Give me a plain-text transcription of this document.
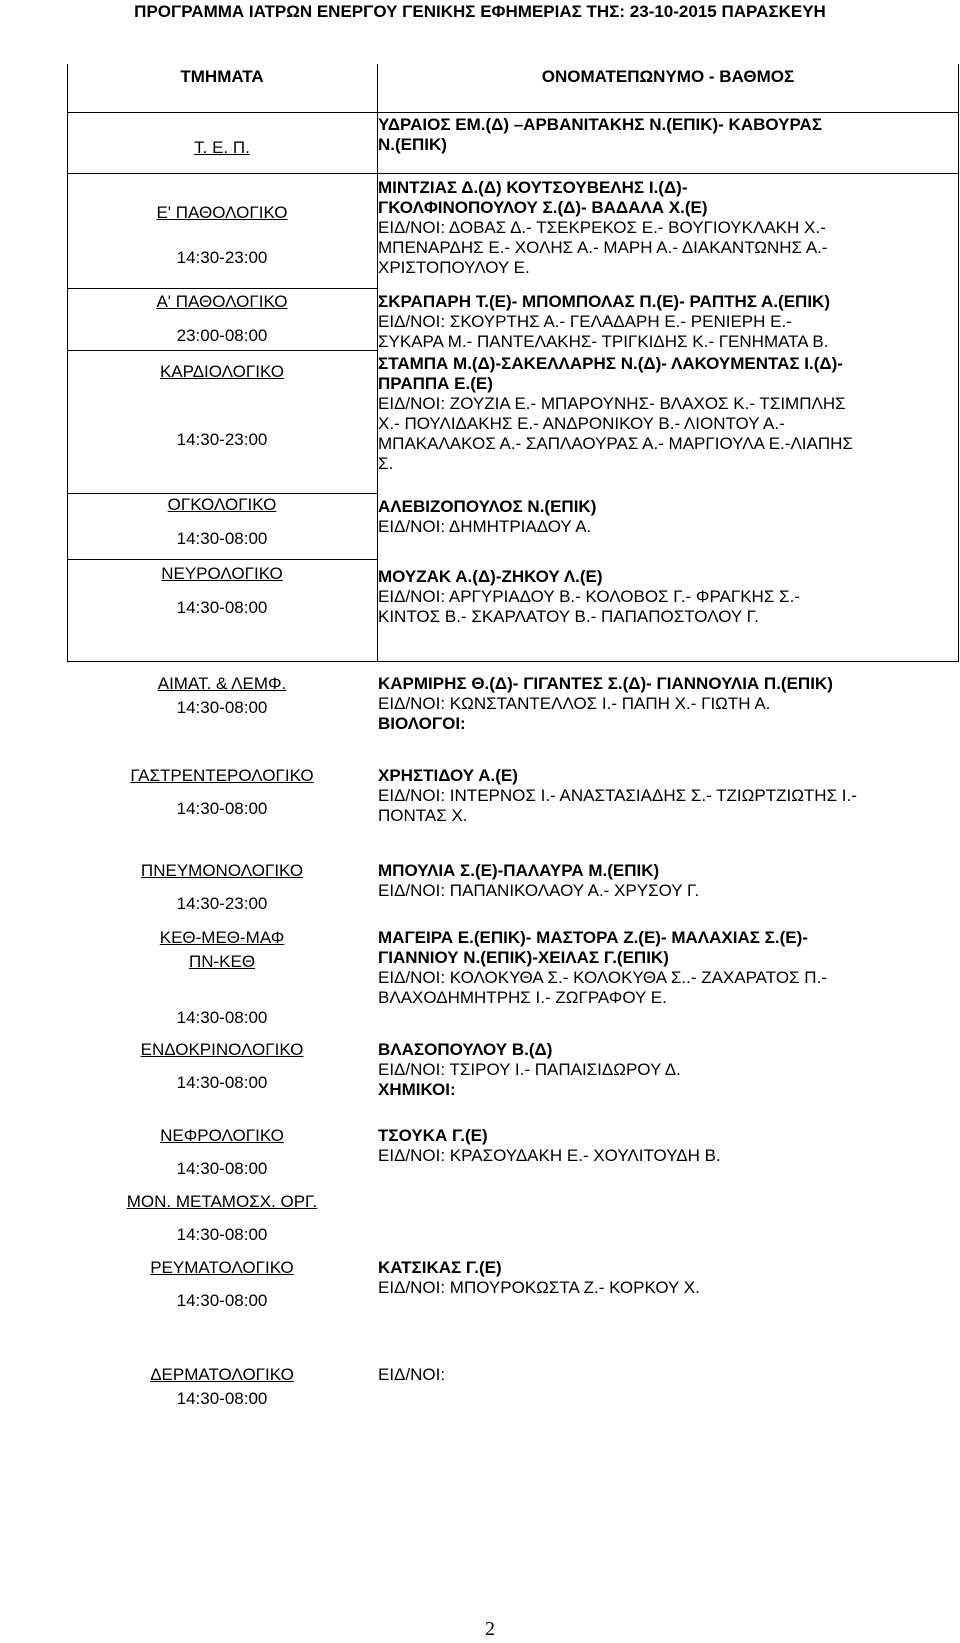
ΠΡΟΓΡΑΜΜΑ ΙΑΤΡΩΝ ΕΝΕΡΓΟΥ ΓΕΝΙΚΗΣ ΕΦΗΜΕΡΙΑΣ ΤΗΣ: 23-10-2015 ΠΑΡΑΣΚΕΥΗ
ΤΜΗΜΑΤΑ
Τ. Ε. Π.
Ε' ΠΑΘΟΛΟΓΙΚΟ
14:30-23:00
Α' ΠΑΘΟΛΟΓΙΚΟ
23:00-08:00
ΚΑΡΔΙΟΛΟΓΙΚΟ
14:30-23:00
ΟΓΚΟΛΟΓΙΚΟ
14:30-08:00
ΝΕΥΡΟΛΟΓΙΚΟ
14:30-08:00
ΑΙΜΑΤ. & ΛΕΜΦ.
14:30-08:00
ΓΑΣΤΡΕΝΤΕΡΟΛΟΓΙΚΟ
14:30-08:00
ΠΝΕΥΜΟΝΟΛΟΓΙΚΟ
14:30-23:00
ΚΕΘ-ΜΕΘ-ΜΑΦ
ΠΝ-ΚΕΘ
14:30-08:00
ΕΝΔΟΚΡΙΝΟΛΟΓΙΚΟ
14:30-08:00
ΝΕΦΡΟΛΟΓΙΚΟ
14:30-08:00
ΜΟΝ. ΜΕΤΑΜΟΣΧ. ΟΡΓ.
14:30-08:00
ΡΕΥΜΑΤΟΛΟΓΙΚΟ
14:30-08:00
ΔΕΡΜΑΤΟΛΟΓΙΚΟ
14:30-08:00
ΟΝΟΜΑΤΕΠΩΝΥΜΟ - ΒΑΘΜΟΣ
ΥΔΡΑΙΟΣ ΕΜ.(Δ) –ΑΡΒΑΝΙΤΑΚΗΣ Ν.(ΕΠΙΚ)- ΚΑΒΟΥΡΑΣ
Ν.(ΕΠΙΚ)
ΜΙΝΤΖΙΑΣ Δ.(Δ) ΚΟΥΤΣΟΥΒΕΛΗΣ Ι.(Δ)-
ΓΚΟΛΦΙΝΟΠΟΥΛΟΥ Σ.(Δ)- ΒΑΔΑΛΑ Χ.(Ε)
ΕΙΔ/ΝΟΙ: ΔΟΒΑΣ Δ.- ΤΣΕΚΡΕΚΟΣ Ε.- ΒΟΥΓΙΟΥΚΛΑΚΗ Χ.-
ΜΠΕΝΑΡΔΗΣ Ε.- ΧΟΛΗΣ Α.- ΜΑΡΗ Α.- ΔΙΑΚΑΝΤΩΝΗΣ Α.-
ΧΡΙΣΤΟΠΟΥΛΟΥ Ε.
ΣΚΡΑΠΑΡΗ Τ.(Ε)- ΜΠΟΜΠΟΛΑΣ Π.(Ε)- ΡΑΠΤΗΣ Α.(ΕΠΙΚ)
ΕΙΔ/ΝΟΙ: ΣΚΟΥΡΤΗΣ Α.- ΓΕΛΑΔΑΡΗ Ε.- ΡΕΝΙΕΡΗ Ε.-
ΣΥΚΑΡΑ Μ.- ΠΑΝΤΕΛΑΚΗΣ- ΤΡΙΓΚΙΔΗΣ Κ.- ΓΕΝΗΜΑΤΑ Β.
ΣΤΑΜΠΑ Μ.(Δ)-ΣΑΚΕΛΛΑΡΗΣ Ν.(Δ)- ΛΑΚΟΥΜΕΝΤΑΣ Ι.(Δ)-
ΠΡΑΠΠΑ Ε.(Ε)
ΕΙΔ/ΝΟΙ: ΖΟΥΖΙΑ Ε.- ΜΠΑΡΟΥΝΗΣ- ΒΛΑΧΟΣ Κ.- ΤΣΙΜΠΛΗΣ
Χ.- ΠΟΥΛΙΔΑΚΗΣ Ε.- ΑΝΔΡΟΝΙΚΟΥ Β.- ΛΙΟΝΤΟΥ Α.-
ΜΠΑΚΑΛΑΚΟΣ Α.- ΣΑΠΛΑΟΥΡΑΣ Α.- ΜΑΡΓΙΟΥΛΑ Ε.-ΛΙΑΠΗΣ
Σ.
ΑΛΕΒΙΖΟΠΟΥΛΟΣ Ν.(ΕΠΙΚ)
ΕΙΔ/ΝΟΙ: ΔΗΜΗΤΡΙΑΔΟΥ Α.
ΜΟΥΖΑΚ Α.(Δ)-ΖΗΚΟΥ Λ.(Ε)
ΕΙΔ/ΝΟΙ: ΑΡΓΥΡΙΑΔΟΥ Β.- ΚΟΛΟΒΟΣ Γ.- ΦΡΑΓΚΗΣ Σ.-
ΚΙΝΤΟΣ Β.- ΣΚΑΡΛΑΤΟΥ Β.- ΠΑΠΑΠΟΣΤΟΛΟΥ Γ.
ΚΑΡΜΙΡΗΣ Θ.(Δ)- ΓΙΓΑΝΤΕΣ Σ.(Δ)- ΓΙΑΝΝΟΥΛΙΑ Π.(ΕΠΙΚ)
ΕΙΔ/ΝΟΙ: ΚΩΝΣΤΑΝΤΕΛΛΟΣ Ι.- ΠΑΠΗ Χ.- ΓΙΩΤΗ Α.
ΒΙΟΛΟΓΟΙ:
ΧΡΗΣΤΙΔΟΥ Α.(Ε)
ΕΙΔ/ΝΟΙ: ΙΝΤΕΡΝΟΣ Ι.- ΑΝΑΣΤΑΣΙΑΔΗΣ Σ.- ΤΖΙΩΡΤΖΙΩΤΗΣ Ι.-
ΠΟΝΤΑΣ Χ.
ΜΠΟΥΛΙΑ Σ.(Ε)-ΠΑΛΑΥΡΑ Μ.(ΕΠΙΚ)
ΕΙΔ/ΝΟΙ: ΠΑΠΑΝΙΚΟΛΑΟΥ Α.- ΧΡΥΣΟΥ Γ.
ΜΑΓΕΙΡΑ Ε.(ΕΠΙΚ)- ΜΑΣΤΟΡΑ Ζ.(Ε)- ΜΑΛΑΧΙΑΣ Σ.(Ε)-
ΓΙΑΝΝΙΟΥ Ν.(ΕΠΙΚ)-ΧΕΙΛΑΣ Γ.(ΕΠΙΚ)
ΕΙΔ/ΝΟΙ: ΚΟΛΟΚΥΘΑ Σ.- ΚΟΛΟΚΥΘΑ Σ..- ΖΑΧΑΡΑΤΟΣ Π.-
ΒΛΑΧΟΔΗΜΗΤΡΗΣ Ι.- ΖΩΓΡΑΦΟΥ Ε.
ΒΛΑΣΟΠΟΥΛΟΥ Β.(Δ)
ΕΙΔ/ΝΟΙ: ΤΣΙΡΟΥ Ι.- ΠΑΠΑΙΣΙΔΩΡΟΥ Δ.
ΧΗΜΙΚΟΙ:
ΤΣΟΥΚΑ Γ.(Ε)
ΕΙΔ/ΝΟΙ: ΚΡΑΣΟΥΔΑΚΗ Ε.- ΧΟΥΛΙΤΟΥΔΗ Β.
ΚΑΤΣΙΚΑΣ Γ.(Ε)
ΕΙΔ/ΝΟΙ: ΜΠΟΥΡΟΚΩΣΤΑ Ζ.- ΚΟΡΚΟΥ Χ.
ΕΙΔ/ΝΟΙ:
2
